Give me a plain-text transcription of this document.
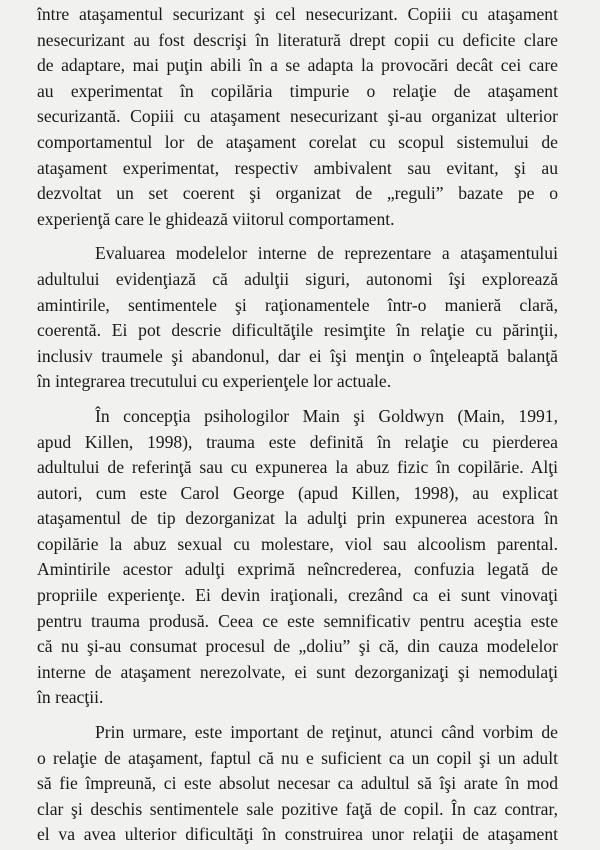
între ataşamentul securizant şi cel nesecurizant. Copiii cu ataşament
nesecurizant au fost descrişi în literatură drept copii cu deficite clare
de adaptare, mai puţin abili în a se adapta la provocări decât cei care
au experimentat în copilăria timpurie o relaţie de ataşament
securizantă. Copiii cu ataşament nesecurizant şi-au organizat ulterior
comportamentul lor de ataşament corelat cu scopul sistemului de
ataşament experimentat, respectiv ambivalent sau evitant, şi au
dezvoltat un set coerent şi organizat de „reguli” bazate pe o
experienţă care le ghidează viitorul comportament.
Evaluarea modelelor interne de reprezentare a ataşamentului
adultului evidenţiază că adulţii siguri, autonomi îşi explorează
amintirile, sentimentele şi raţionamentele într-o manieră clară,
coerentă. Ei pot descrie dificultăţile resimţite în relaţie cu părinţii,
inclusiv traumele şi abandonul, dar ei îşi menţin o înţeleaptă balanţă
în integrarea trecutului cu experienţele lor actuale.
În concepţia psihologilor Main şi Goldwyn (Main, 1991,
apud Killen, 1998), trauma este definită în relaţie cu pierderea
adultului de referinţă sau cu expunerea la abuz fizic în copilărie. Alţi
autori, cum este Carol George (apud Killen, 1998), au explicat
ataşamentul de tip dezorganizat la adulţi prin expunerea acestora în
copilărie la abuz sexual cu molestare, viol sau alcoolism parental.
Amintirile acestor adulţi exprimă neîncrederea, confuzia legată de
propriile experienţe. Ei devin iraţionali, crezând ca ei sunt vinovaţi
pentru trauma produsă. Ceea ce este semnificativ pentru aceştia este
că nu şi-au consumat procesul de „doliu” şi că, din cauza modelelor
interne de ataşament nerezolvate, ei sunt dezorganizaţi şi nemodulaţi
în reacţii.
Prin urmare, este important de reţinut, atunci când vorbim de
o relaţie de ataşament, faptul că nu e suficient ca un copil şi un adult
să fie împreună, ci este absolut necesar ca adultul să îşi arate în mod
clar şi deschis sentimentele sale pozitive faţă de copil. În caz contrar,
el va avea ulterior dificultăţi în construirea unor relaţii de ataşament
